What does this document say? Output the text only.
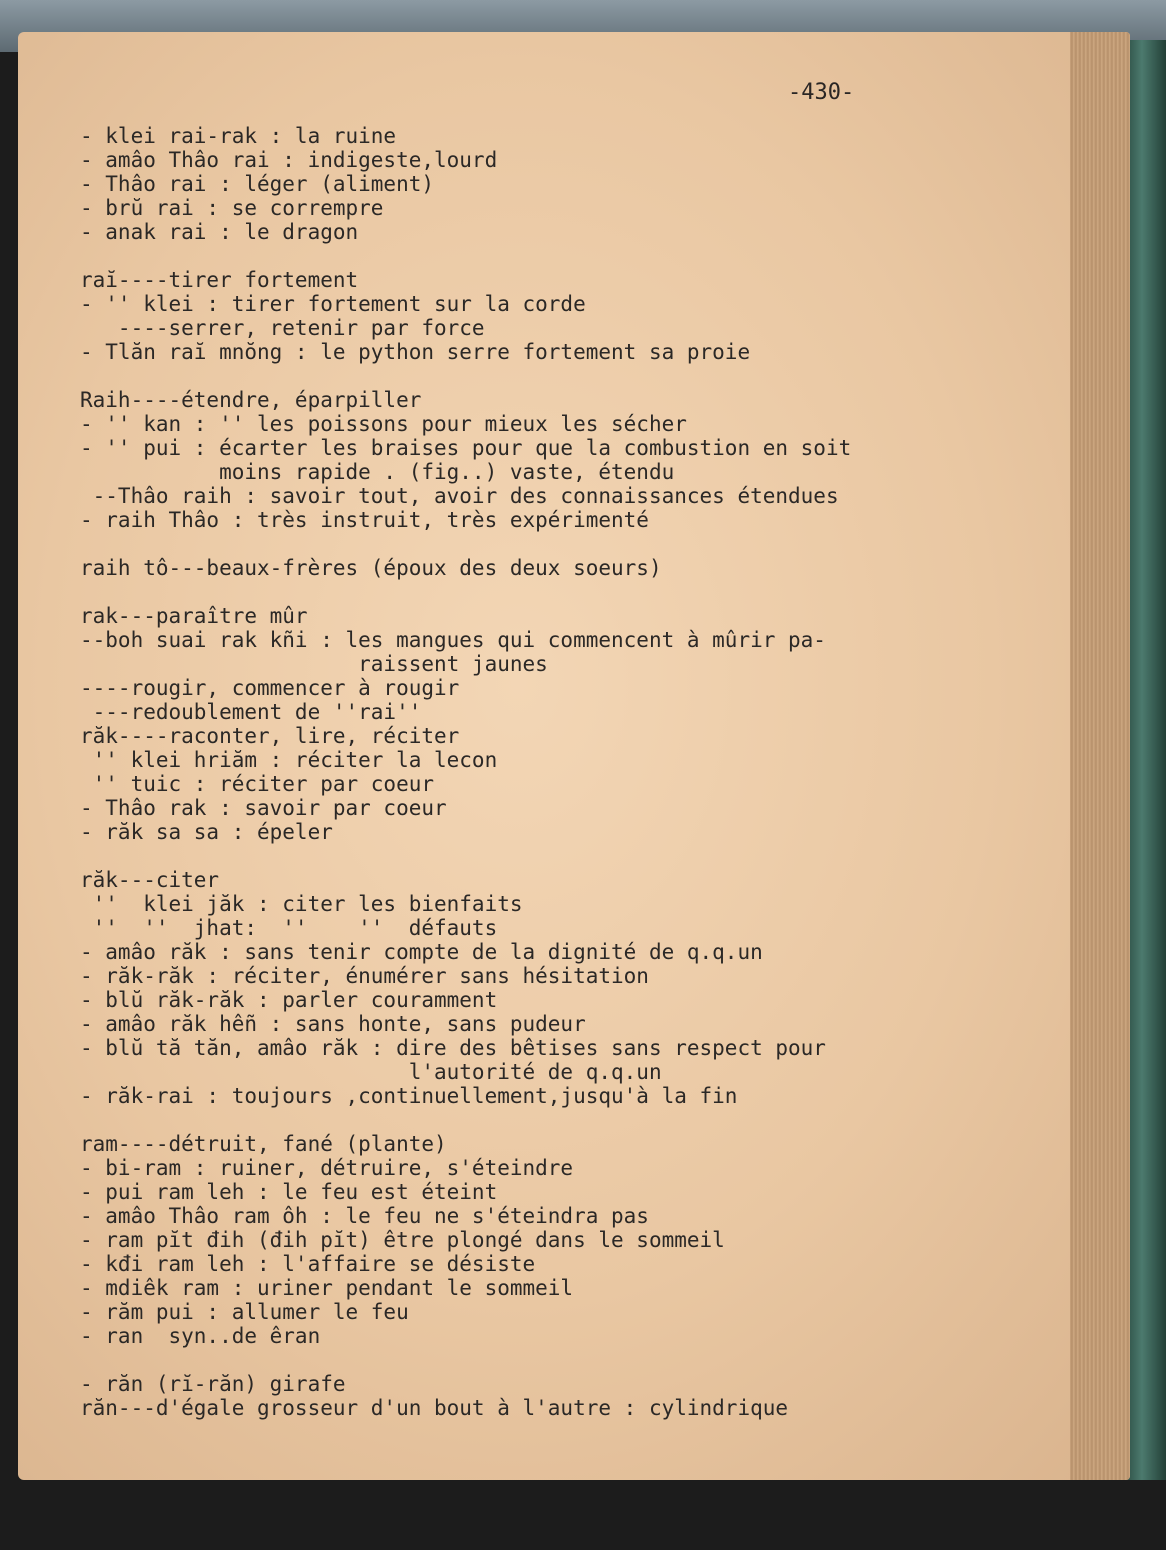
-430-
- klei rai-rak : la ruine
- amâo Thâo rai : indigeste,lourd
- Thâo rai : léger (aliment)
- brŭ rai : se corrempre
- anak rai : le dragon
raĭ----tirer fortement
- '' klei : tirer fortement sur la corde
----serrer, retenir par force
- Tlăn raĭ mnŏng : le python serre fortement sa proie
Raih----étendre, éparpiller
- '' kan : '' les poissons pour mieux les sécher
- '' pui : écarter les braises pour que la combustion en soit
moins rapide . (fig..) vaste, étendu
--Thâo raih : savoir tout, avoir des connaissances étendues
- raih Thâo : très instruit, très expérimenté
raih tô---beaux-frères (époux des deux soeurs)
rak---paraître mûr
--boh suai rak kñi : les mangues qui commencent à mûrir pa-
raissent jaunes
----rougir, commencer à rougir
---redoublement de ''rai''
răk----raconter, lire, réciter
'' klei hriăm : réciter la lecon
'' tuic : réciter par coeur
- Thâo rak : savoir par coeur
- răk sa sa : épeler
răk---citer
''  klei jăk : citer les bienfaits
''  ''  jhat:  ''    ''  défauts
- amâo răk : sans tenir compte de la dignité de q.q.un
- răk-răk : réciter, énumérer sans hésitation
- blŭ răk-răk : parler couramment
- amâo răk hêñ : sans honte, sans pudeur
- blŭ tă tăn, amâo răk : dire des bêtises sans respect pour
l'autorité de q.q.un
- răk-rai : toujours ,continuellement,jusqu'à la fin
ram----détruit, fané (plante)
- bi-ram : ruiner, détruire, s'éteindre
- pui ram leh : le feu est éteint
- amâo Thâo ram ôh : le feu ne s'éteindra pas
- ram pĭt đih (đih pĭt) être plongé dans le sommeil
- kđi ram leh : l'affaire se désiste
- mdiêk ram : uriner pendant le sommeil
- răm pui : allumer le feu
- ran  syn..de êran
- răn (rĭ-răn) girafe
răn---d'égale grosseur d'un bout à l'autre : cylindrique
